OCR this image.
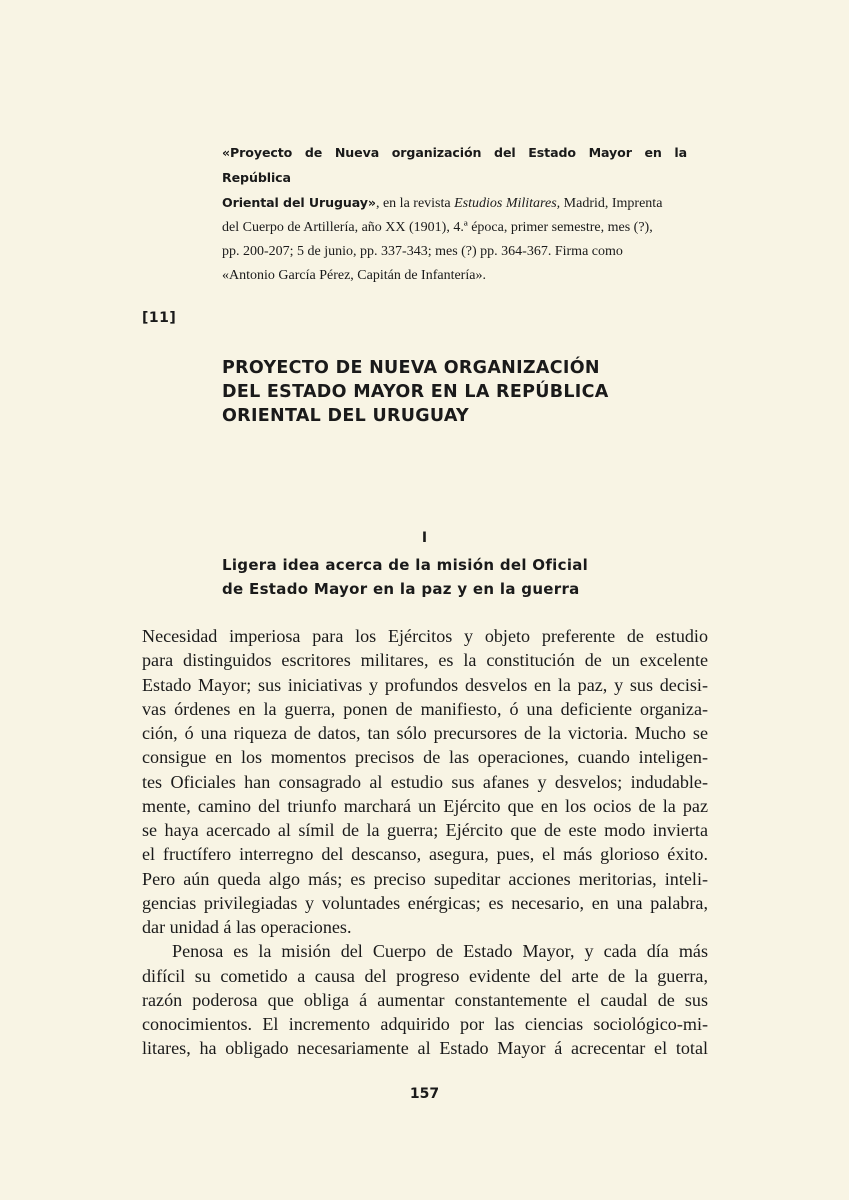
«Proyecto de Nueva organización del Estado Mayor en la República
Oriental del Uruguay», en la revista Estudios Militares, Madrid, Imprenta
del Cuerpo de Artillería, año XX (1901), 4.ª época, primer semestre, mes (?),
pp. 200-207; 5 de junio, pp. 337-343; mes (?) pp. 364-367. Firma como
«Antonio García Pérez, Capitán de Infantería».
[11]
PROYECTO DE NUEVA ORGANIZACIÓN
DEL ESTADO MAYOR EN LA REPÚBLICA
ORIENTAL DEL URUGUAY
I
Ligera idea acerca de la misión del Oficial
de Estado Mayor en la paz y en la guerra
Necesidad imperiosa para los Ejércitos y objeto preferente de estudio
para distinguidos escritores militares, es la constitución de un excelente
Estado Mayor; sus iniciativas y profundos desvelos en la paz, y sus decisi-
vas órdenes en la guerra, ponen de manifiesto, ó una deficiente organiza-
ción, ó una riqueza de datos, tan sólo precursores de la victoria. Mucho se
consigue en los momentos precisos de las operaciones, cuando inteligen-
tes Oficiales han consagrado al estudio sus afanes y desvelos; indudable-
mente, camino del triunfo marchará un Ejército que en los ocios de la paz
se haya acercado al símil de la guerra; Ejército que de este modo invierta
el fructífero interregno del descanso, asegura, pues, el más glorioso éxito.
Pero aún queda algo más; es preciso supeditar acciones meritorias, inteli-
gencias privilegiadas y voluntades enérgicas; es necesario, en una palabra,
dar unidad á las operaciones.
Penosa es la misión del Cuerpo de Estado Mayor, y cada día más
difícil su cometido a causa del progreso evidente del arte de la guerra,
razón poderosa que obliga á aumentar constantemente el caudal de sus
conocimientos. El incremento adquirido por las ciencias sociológico-mi-
litares, ha obligado necesariamente al Estado Mayor á acrecentar el total
157
